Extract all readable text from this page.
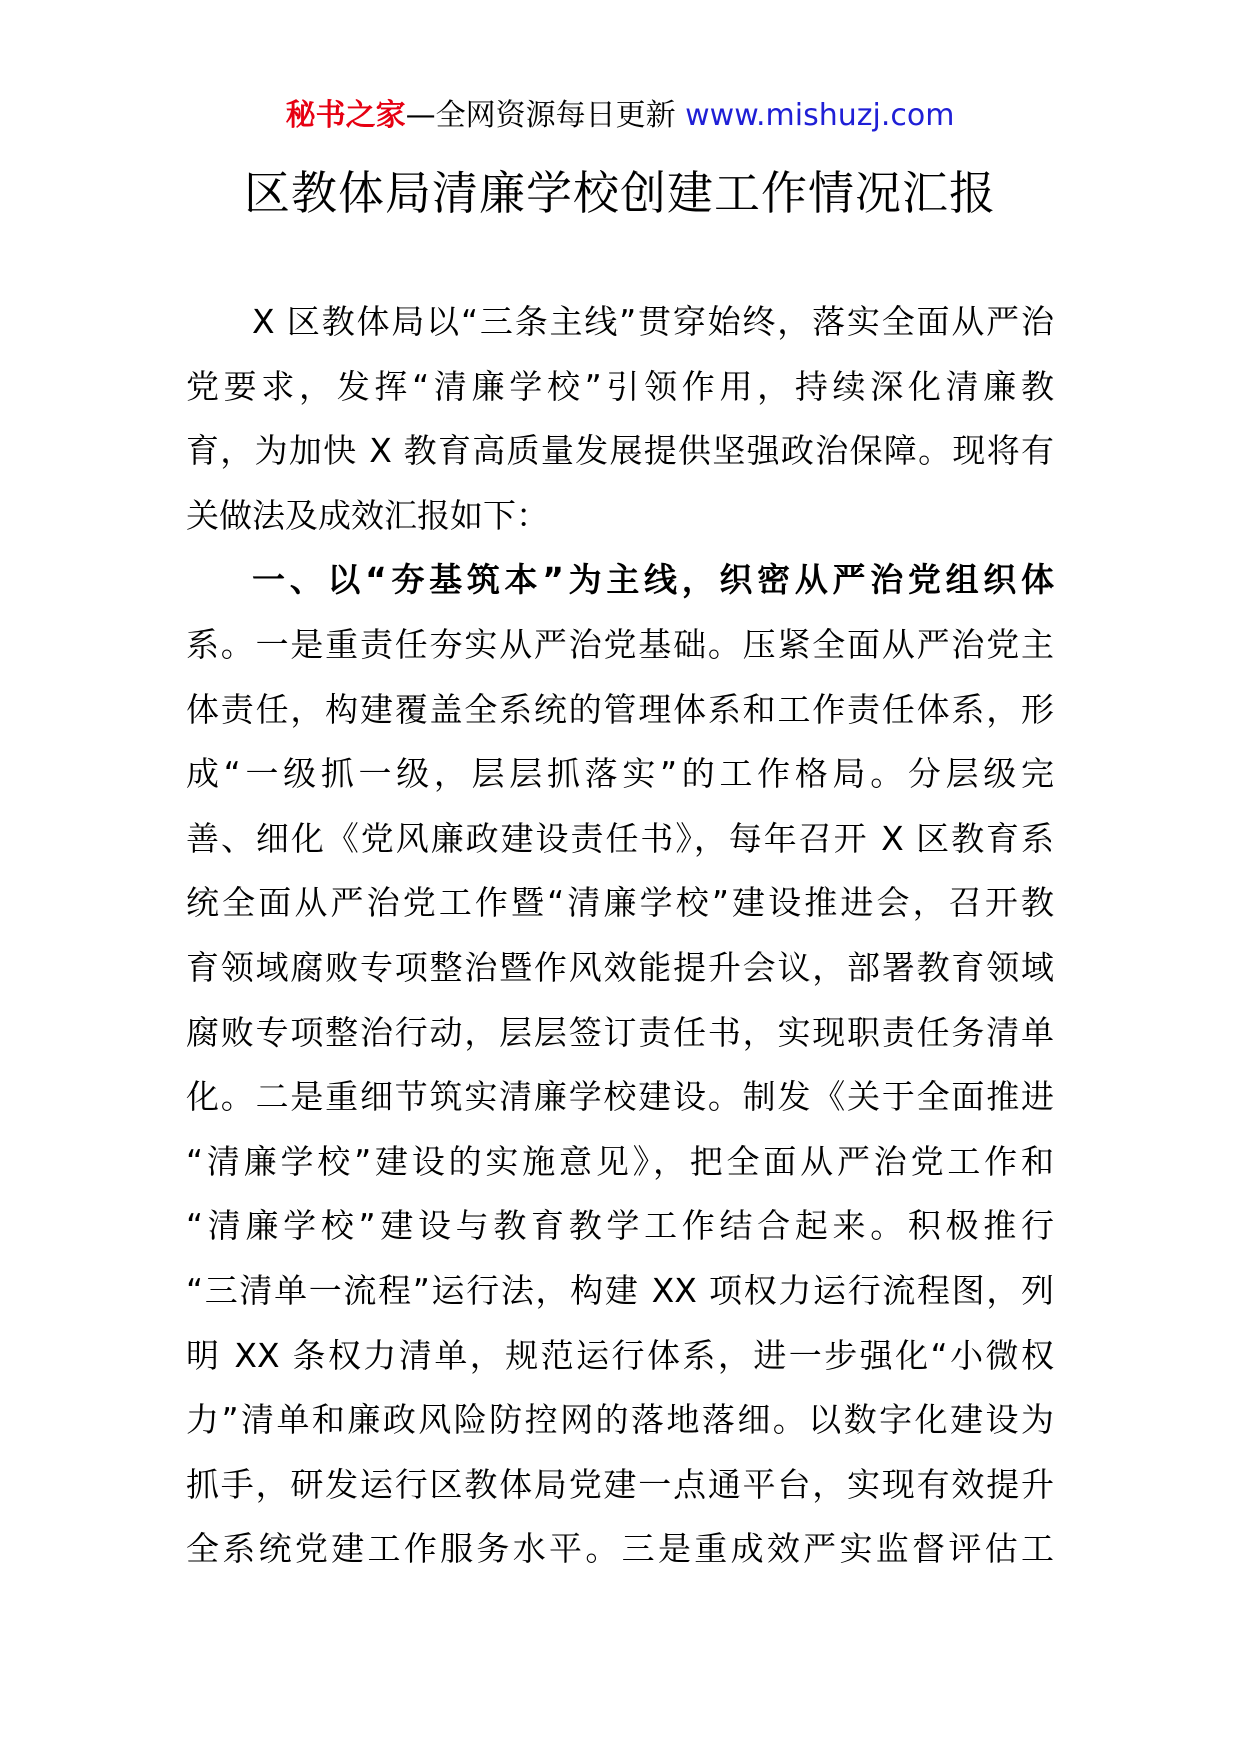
秘书之家—全网资源每日更新 www.mishuzj.com
区教体局清廉学校创建工作情况汇报
X 区教体局以“三条主线”贯穿始终，落实全面从严治
党要求，发挥“清廉学校”引领作用，持续深化清廉教
育，为加快 X 教育高质量发展提供坚强政治保障。现将有
关做法及成效汇报如下：
一、以“夯基筑本”为主线，织密从严治党组织体
系。一是重责任夯实从严治党基础。压紧全面从严治党主
体责任，构建覆盖全系统的管理体系和工作责任体系，形
成“一级抓一级，层层抓落实”的工作格局。分层级完
善、细化《党风廉政建设责任书》，每年召开 X 区教育系
统全面从严治党工作暨“清廉学校”建设推进会，召开教
育领域腐败专项整治暨作风效能提升会议，部署教育领域
腐败专项整治行动，层层签订责任书，实现职责任务清单
化。二是重细节筑实清廉学校建设。制发《关于全面推进
“清廉学校”建设的实施意见》，把全面从严治党工作和
“清廉学校”建设与教育教学工作结合起来。积极推行
“三清单一流程”运行法，构建 XX 项权力运行流程图，列
明 XX 条权力清单，规范运行体系，进一步强化“小微权
力”清单和廉政风险防控网的落地落细。以数字化建设为
抓手，研发运行区教体局党建一点通平台，实现有效提升
全系统党建工作服务水平。三是重成效严实监督评估工
